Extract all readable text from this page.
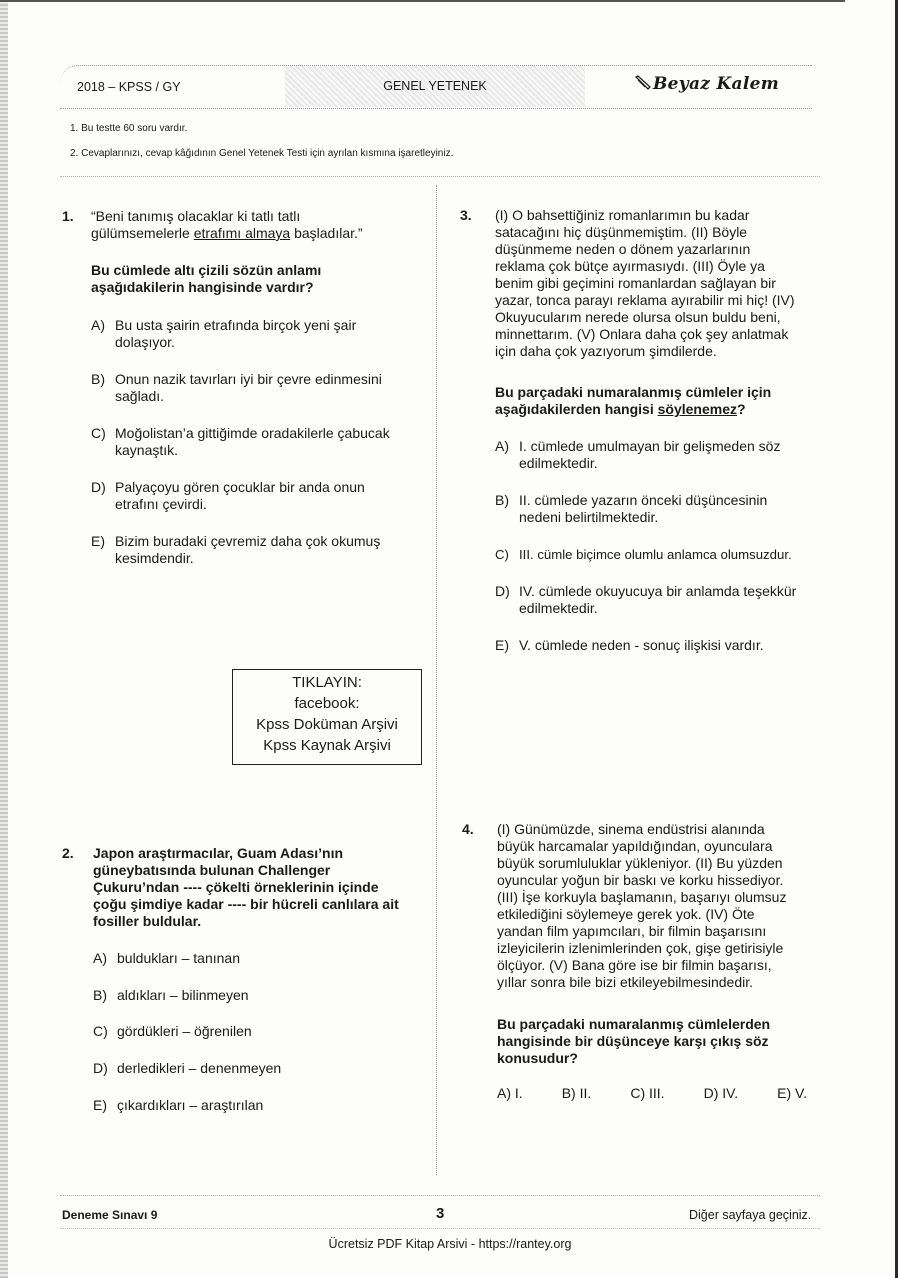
2018 – KPSS / GY	GENEL YETENEK	Beyaz Kalem
1. Bu testte 60 soru vardır.
2. Cevaplarınızı, cevap kâğıdının Genel Yetenek Testi için ayrılan kısmına işaretleyiniz.
1. “Beni tanımış olacaklar ki tatlı tatlı
gülümsemelerle etrafımı almaya başladılar.”
Bu cümlede altı çizili sözün anlamı
aşağıdakilerin hangisinde vardır?
A) Bu usta şairin etrafında birçok yeni şair
dolaşıyor.
B) Onun nazik tavırları iyi bir çevre edinmesini
sağladı.
C) Moğolistan’a gittiğimde oradakilerle çabucak
kaynaştık.
D) Palyaçoyu gören çocuklar bir anda onun
etrafını çevirdi.
E) Bizim buradaki çevremiz daha çok okumuş
kesimdendir.
TIKLAYIN:
facebook:
Kpss Doküman Arşivi
Kpss Kaynak Arşivi
2. Japon araştırmacılar, Guam Adası’nın
güneybatısında bulunan Challenger
Çukuru’ndan ---- çökelti örneklerinin içinde
çoğu şimdiye kadar ---- bir hücreli canlılara ait
fosiller buldular.
A) buldukları – tanınan
B) aldıkları – bilinmeyen
C) gördükleri – öğrenilen
D) derledikleri – denenmeyen
E) çıkardıkları – araştırılan
3. (I) O bahsettiğiniz romanlarımın bu kadar
satacağını hiç düşünmemiştim. (II) Böyle
düşünmeme neden o dönem yazarlarının
reklama çok bütçe ayırmasıydı. (III) Öyle ya
benim gibi geçimini romanlardan sağlayan bir
yazar, tonca parayı reklama ayırabilir mi hiç! (IV)
Okuyucularım nerede olursa olsun buldu beni,
minnettarım. (V) Onlara daha çok şey anlatmak
için daha çok yazıyorum şimdilerde.
Bu parçadaki numaralanmış cümleler için
aşağıdakilerden hangisi söylenemez?
A) I. cümlede umulmayan bir gelişmeden söz
edilmektedir.
B) II. cümlede yazarın önceki düşüncesinin
nedeni belirtilmektedir.
C) III. cümle biçimce olumlu anlamca olumsuzdur.
D) IV. cümlede okuyucuya bir anlamda teşekkür
edilmektedir.
E) V. cümlede neden - sonuç ilişkisi vardır.
4. (I) Günümüzde, sinema endüstrisi alanında
büyük harcamalar yapıldığından, oyunculara
büyük sorumluluklar yükleniyor. (II) Bu yüzden
oyuncular yoğun bir baskı ve korku hissediyor.
(III) İşe korkuyla başlamanın, başarıyı olumsuz
etkilediğini söylemeye gerek yok. (IV) Öte
yandan film yapımcıları, bir filmin başarısını
izleyicilerin izlenimlerinden çok, gişe getirisiyle
ölçüyor. (V) Bana göre ise bir filmin başarısı,
yıllar sonra bile bizi etkileyebilmesindedir.
Bu parçadaki numaralanmış cümlelerden
hangisinde bir düşünceye karşı çıkış söz
konusudur?
A) I.	B) II.	C) III.	D) IV.	E) V.
Deneme Sınavı 9	3	Diğer sayfaya geçiniz.
Ücretsiz PDF Kitap Arsivi - https://rantey.org
